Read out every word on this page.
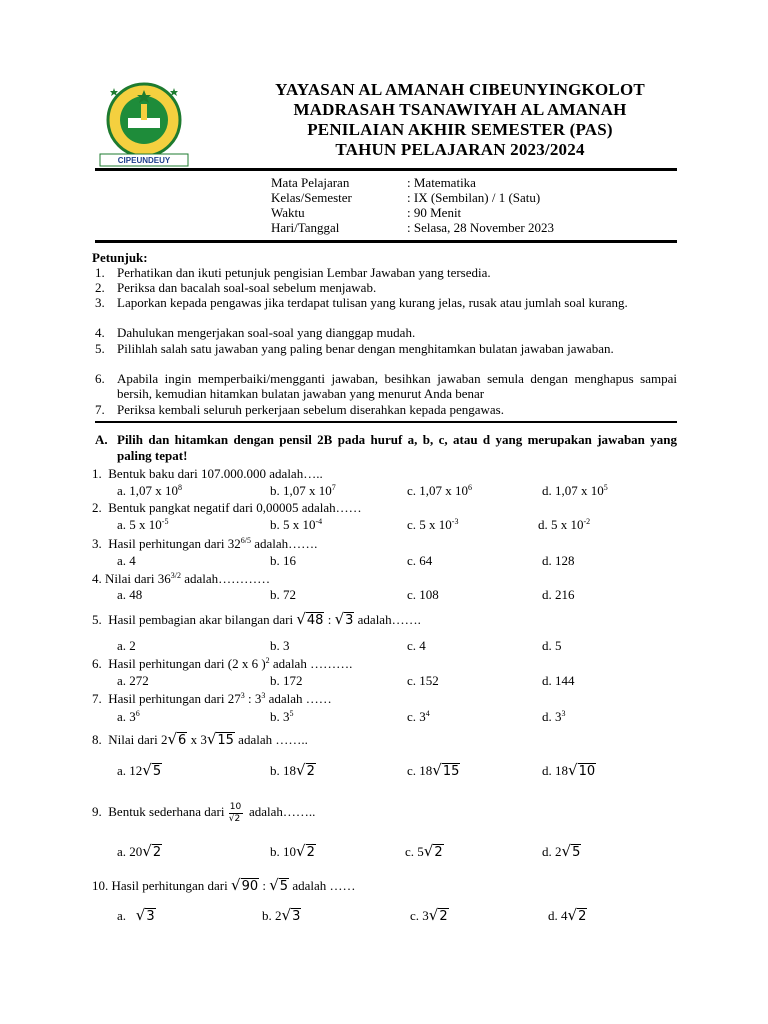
CIPEUNDEUY
YAYASAN AL AMANAH CIBEUNYINGKOLOT
MADRASAH TSANAWIYAH AL AMANAH
PENILAIAN AKHIR SEMESTER (PAS)
TAHUN PELAJARAN 2023/2024
Mata Pelajaran	: Matematika
Kelas/Semester	: IX (Sembilan) / 1 (Satu)
Waktu	: 90 Menit
Hari/Tanggal	: Selasa, 28 November 2023
Petunjuk:
1. Perhatikan dan ikuti petunjuk pengisian Lembar Jawaban yang tersedia.
2. Periksa dan bacalah soal-soal sebelum menjawab.
3. Laporkan kepada pengawas jika terdapat tulisan yang kurang jelas, rusak atau jumlah soal kurang.
4. Dahulukan mengerjakan soal-soal yang dianggap mudah.
5. Pilihlah salah satu jawaban yang paling benar dengan menghitamkan bulatan jawaban jawaban.
6. Apabila ingin memperbaiki/mengganti jawaban, besihkan jawaban semula dengan menghapus sampai bersih, kemudian hitamkan bulatan jawaban yang menurut Anda benar
7. Periksa kembali seluruh perkerjaan sebelum diserahkan kepada pengawas.
A. Pilih dan hitamkan dengan pensil 2B pada huruf a, b, c, atau d yang merupakan jawaban yang paling tepat!
1. Bentuk baku dari 107.000.000 adalah…..
a. 1,07 x $10^8$	b. 1,07 x $10^7$	c. 1,07 x $10^6$	d. 1,07 x $10^5$
2. Bentuk pangkat negatif dari 0,00005 adalah……
a. 5 x $10^{-5}$	b. 5 x $10^{-4}$	c. 5 x $10^{-3}$	d. 5 x $10^{-2}$
3. Hasil perhitungan dari $32^{6/5}$ adalah…….
a. 4	b. 16	c. 64	d. 128
4. Nilai dari $36^{3/2}$ adalah…………
a. 48	b. 72	c. 108	d. 216
5. Hasil pembagian akar bilangan dari √48 : √3 adalah…….
a. 2	b. 3	c. 4	d. 5
6. Hasil perhitungan dari (2 x 6 )$^2$ adalah ……….
a. 272	b. 172	c. 152	d. 144
7. Hasil perhitungan dari $27^3$ : $3^3$ adalah ……
a. $3^6$	b. $3^5$	c. $3^4$	d. $3^3$
8. Nilai dari 2√6 x 3√15 adalah ……..
a. 12√5	b. 18√2	c. 18√15	d. 18√10
9. Bentuk sederhana dari
$\frac{10}{√2}$
adalah……..
a. 20√2	b. 10√2	c. 5√2	d. 2√5
10. Hasil perhitungan dari √90 : √5 adalah ……
a. √3	b. 2√3	c. 3√2	d. 4√2
